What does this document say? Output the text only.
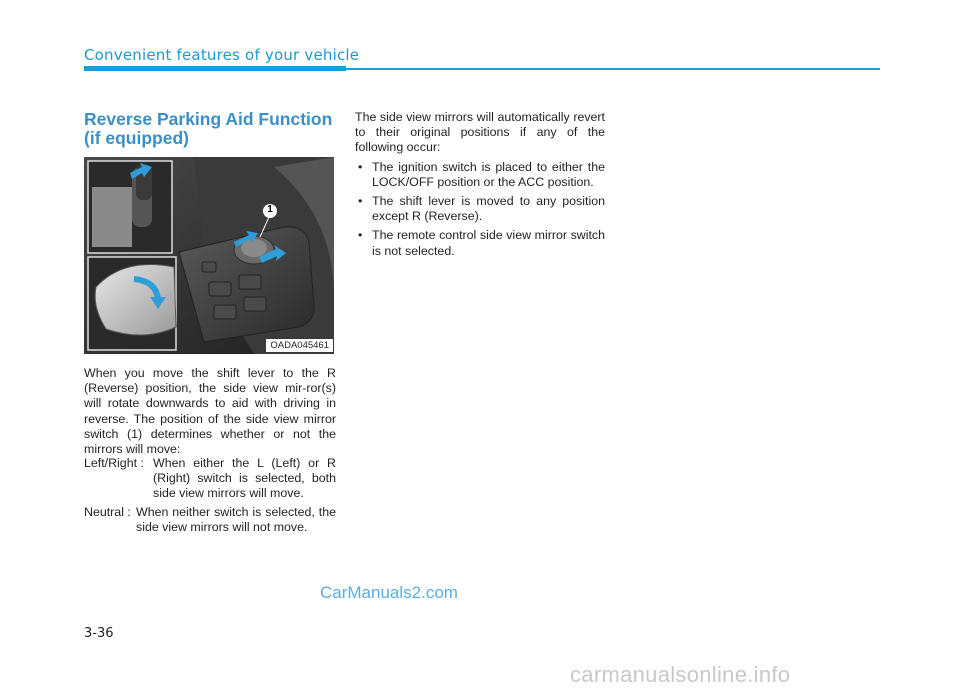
Convenient features of your vehicle
Reverse Parking Aid Function
(if equipped)
1
OADA045461
When you move the shift lever to the R (Reverse) position, the side view mir-ror(s) will rotate downwards to aid with driving in reverse. The position of the side view mirror switch (1) determines whether or not the mirrors will move:
Left/Right : When either the L (Left) or R (Right) switch is selected, both side view mirrors will move.
Neutral : When neither switch is selected, the side view mirrors will not move.

The side view mirrors will automatically revert to their original positions if any of the following occur:

• The ignition switch is placed to either the LOCK/OFF position or the ACC position.
• The shift lever is moved to any position except R (Reverse).
• The remote control side view mirror switch is not selected.
CarManuals2.com
3-36
carmanualsonline.info
